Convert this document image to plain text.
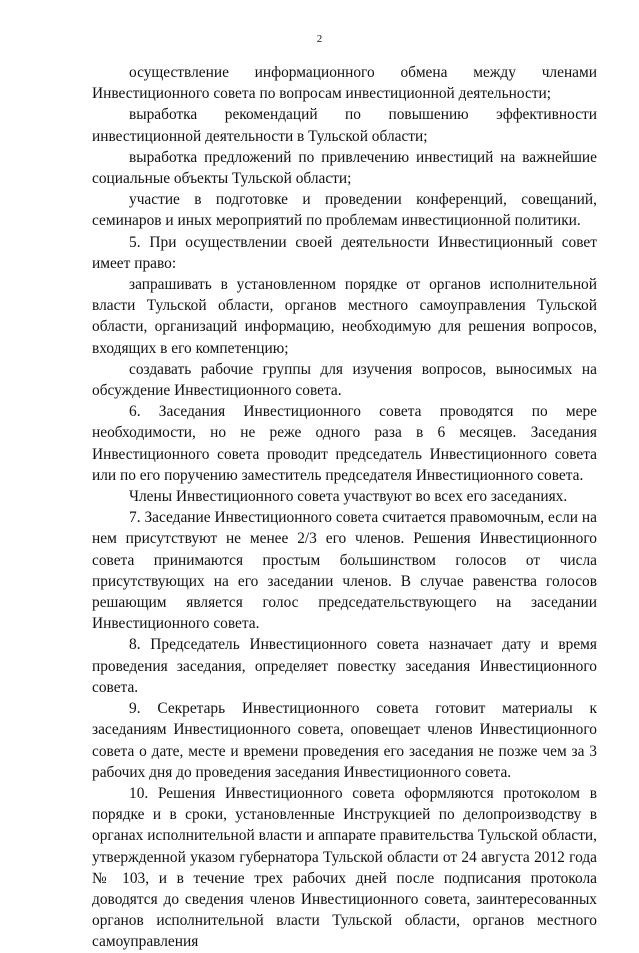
2

осуществление информационного обмена между членами Инвестиционного совета по вопросам инвестиционной деятельности;

выработка рекомендаций по повышению эффективности инвестиционной деятельности в Тульской области;

выработка предложений по привлечению инвестиций на важнейшие социальные объекты Тульской области;

участие в подготовке и проведении конференций, совещаний, семинаров и иных мероприятий по проблемам инвестиционной политики.

5. При осуществлении своей деятельности Инвестиционный совет имеет право:

запрашивать в установленном порядке от органов исполнительной власти Тульской области, органов местного самоуправления Тульской области, организаций информацию, необходимую для решения вопросов, входящих в его компетенцию;

создавать рабочие группы для изучения вопросов, выносимых на обсуждение Инвестиционного совета.

6. Заседания Инвестиционного совета проводятся по мере необходимости, но не реже одного раза в 6 месяцев. Заседания Инвестиционного совета проводит председатель Инвестиционного совета или по его поручению заместитель председателя Инвестиционного совета.

Члены Инвестиционного совета участвуют во всех его заседаниях.

7. Заседание Инвестиционного совета считается правомочным, если на нем присутствуют не менее 2/3 его членов. Решения Инвестиционного совета принимаются простым большинством голосов от числа присутствующих на его заседании членов. В случае равенства голосов решающим является голос председательствующего на заседании Инвестиционного совета.

8. Председатель Инвестиционного совета назначает дату и время проведения заседания, определяет повестку заседания Инвестиционного совета.

9. Секретарь Инвестиционного совета готовит материалы к заседаниям Инвестиционного совета, оповещает членов Инвестиционного совета о дате, месте и времени проведения его заседания не позже чем за 3 рабочих дня до проведения заседания Инвестиционного совета.

10. Решения Инвестиционного совета оформляются протоколом в порядке и в сроки, установленные Инструкцией по делопроизводству в органах исполнительной власти и аппарате правительства Тульской области, утвержденной указом губернатора Тульской области от 24 августа 2012 года № 103, и в течение трех рабочих дней после подписания протокола доводятся до сведения членов Инвестиционного совета, заинтересованных органов исполнительной власти Тульской области, органов местного самоуправления
